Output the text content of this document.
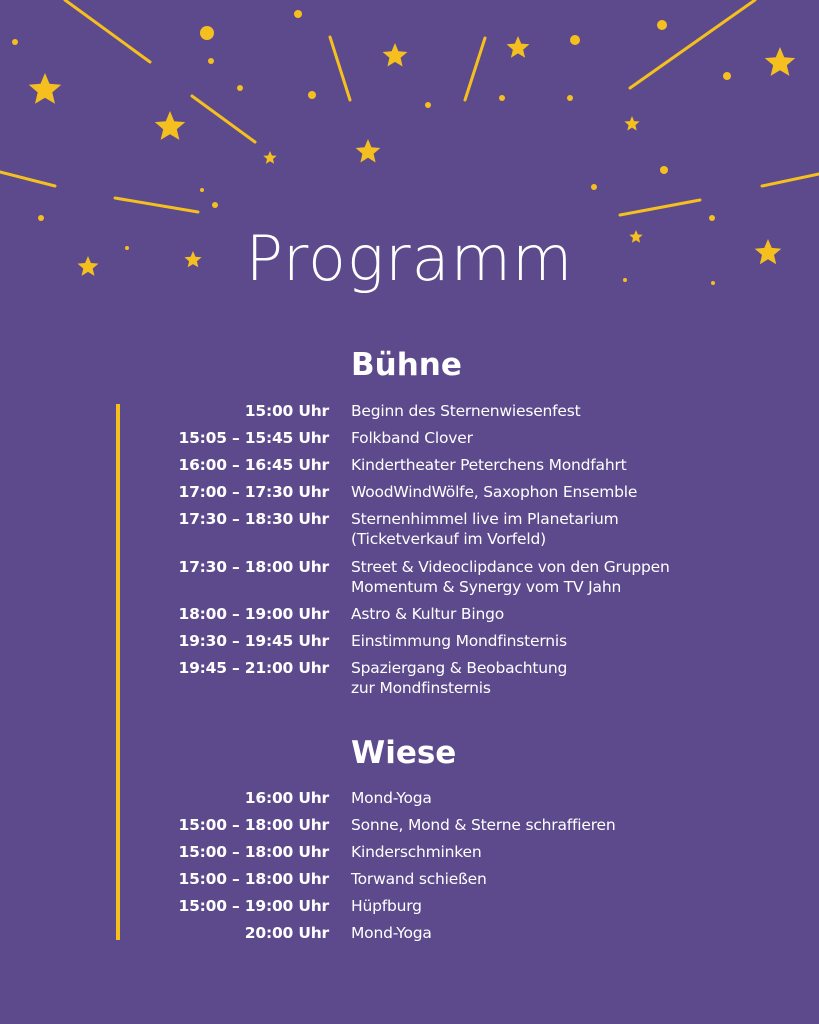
Programm
Bühne
15:00 Uhr Beginn des Sternenwiesenfest
15:05 – 15:45 Uhr Folkband Clover
16:00 – 16:45 Uhr Kindertheater Peterchens Mondfahrt
17:00 – 17:30 Uhr WoodWindWölfe, Saxophon Ensemble
17:30 – 18:30 Uhr Sternenhimmel live im Planetarium
(Ticketverkauf im Vorfeld)
17:30 – 18:00 Uhr Street & Videoclipdance von den Gruppen
Momentum & Synergy vom TV Jahn
18:00 – 19:00 Uhr Astro & Kultur Bingo
19:30 – 19:45 Uhr Einstimmung Mondfinsternis
19:45 – 21:00 Uhr Spaziergang & Beobachtung
zur Mondfinsternis
Wiese
16:00 Uhr Mond-Yoga
15:00 – 18:00 Uhr Sonne, Mond & Sterne schraffieren
15:00 – 18:00 Uhr Kinderschminken
15:00 – 18:00 Uhr Torwand schießen
15:00 – 19:00 Uhr Hüpfburg
20:00 Uhr Mond-Yoga
